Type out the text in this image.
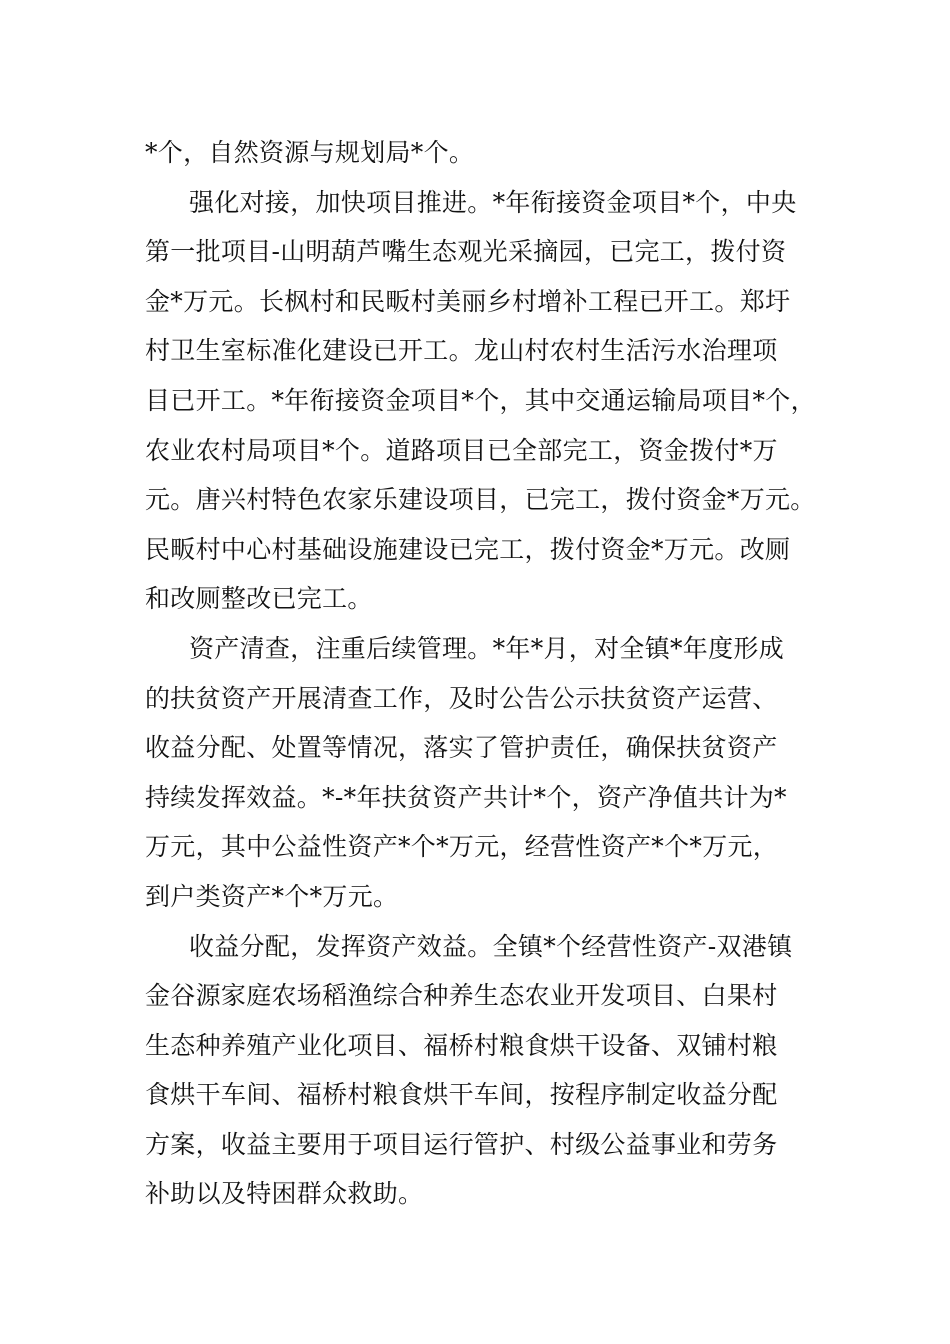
*个，自然资源与规划局*个。
强化对接，加快项目推进。*年衔接资金项目*个，中央
第一批项目-山明葫芦嘴生态观光采摘园，已完工，拨付资
金*万元。长枫村和民畈村美丽乡村增补工程已开工。郑圩
村卫生室标准化建设已开工。龙山村农村生活污水治理项
目已开工。*年衔接资金项目*个，其中交通运输局项目*个，
农业农村局项目*个。道路项目已全部完工，资金拨付*万
元。唐兴村特色农家乐建设项目，已完工，拨付资金*万元。
民畈村中心村基础设施建设已完工，拨付资金*万元。改厕
和改厕整改已完工。
资产清查，注重后续管理。*年*月，对全镇*年度形成
的扶贫资产开展清查工作，及时公告公示扶贫资产运营、
收益分配、处置等情况，落实了管护责任，确保扶贫资产
持续发挥效益。*-*年扶贫资产共计*个，资产净值共计为*
万元，其中公益性资产*个*万元，经营性资产*个*万元，
到户类资产*个*万元。
收益分配，发挥资产效益。全镇*个经营性资产-双港镇
金谷源家庭农场稻渔综合种养生态农业开发项目、白果村
生态种养殖产业化项目、福桥村粮食烘干设备、双铺村粮
食烘干车间、福桥村粮食烘干车间，按程序制定收益分配
方案，收益主要用于项目运行管护、村级公益事业和劳务
补助以及特困群众救助。
